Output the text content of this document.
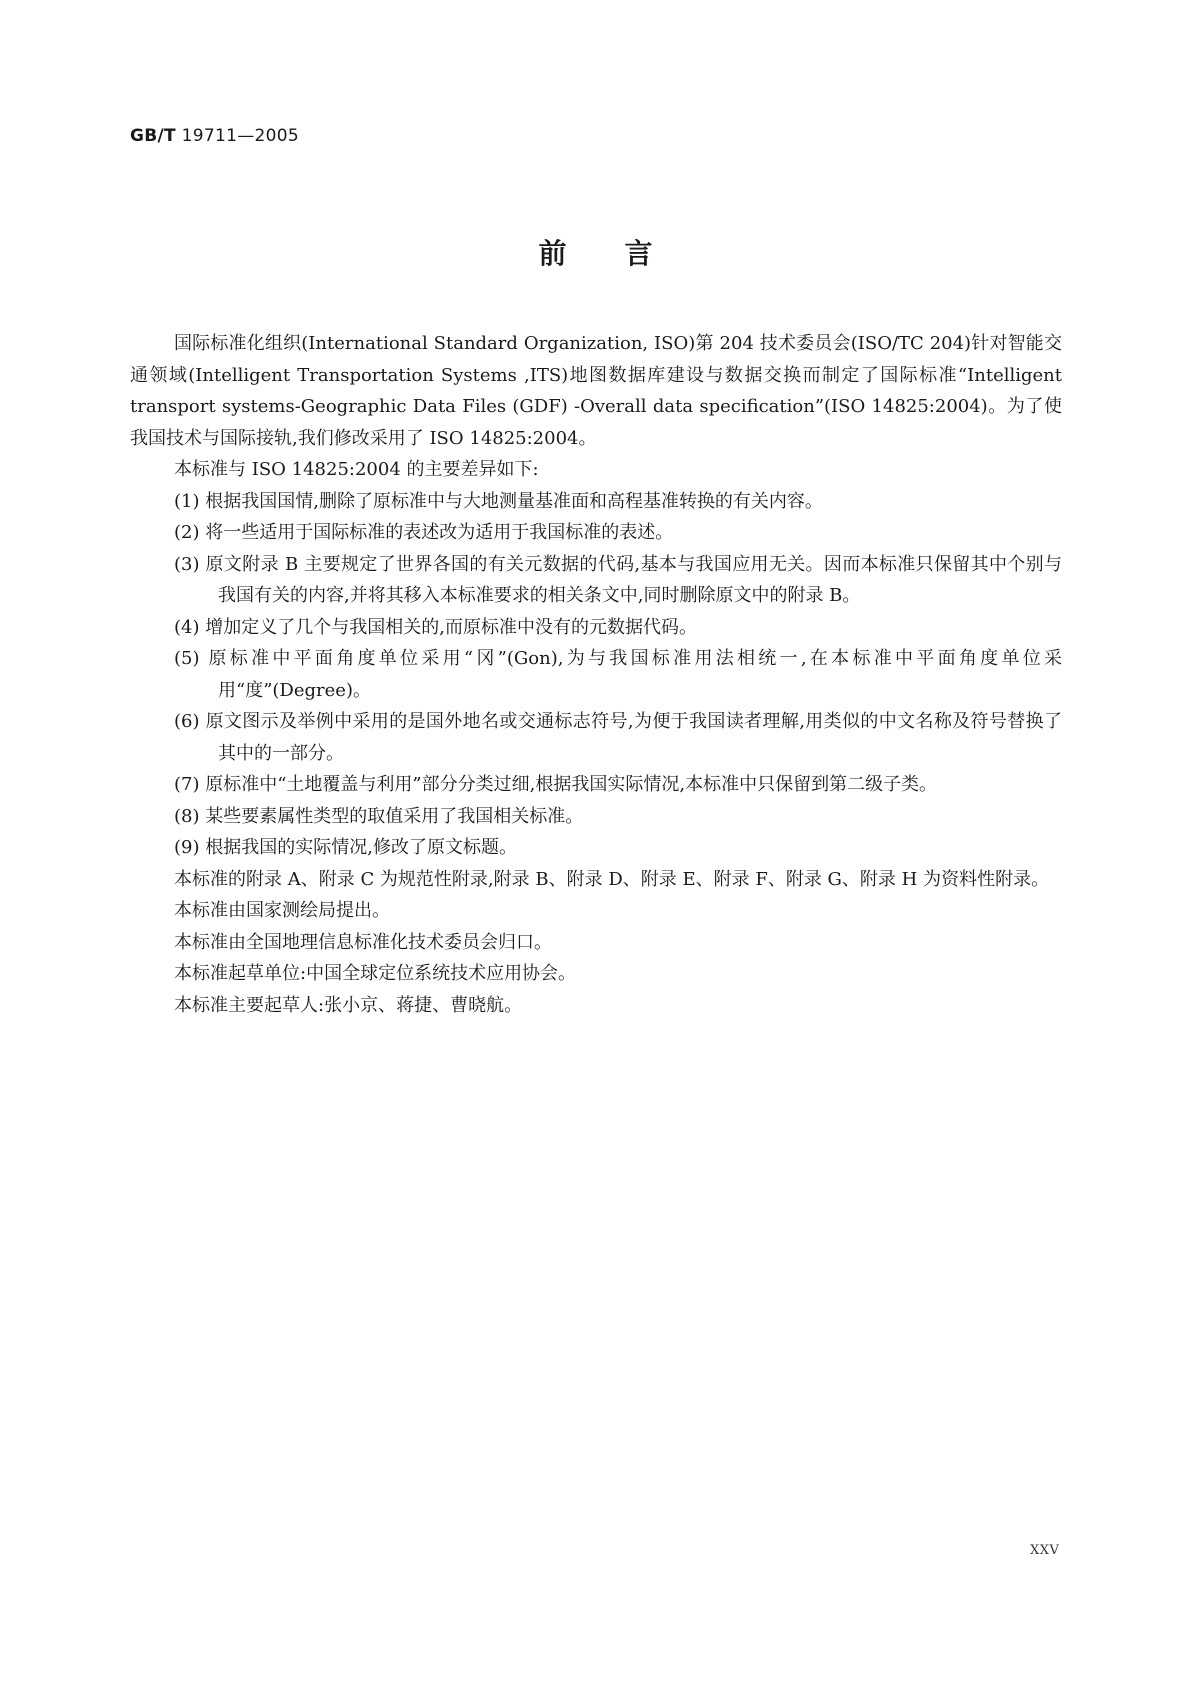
GB/T 19711—2005
前言

国际标准化组织(International Standard Organization, ISO)第 204 技术委员会(ISO/TC 204)针对智能交通领域(Intelligent Transportation Systems ,ITS)地图数据库建设与数据交换而制定了国际标准“Intelligent transport systems-Geographic Data Files (GDF) -Overall data specification”(ISO 14825:2004)。为了使我国技术与国际接轨,我们修改采用了 ISO 14825:2004。

本标准与 ISO 14825:2004 的主要差异如下:

(1) 根据我国国情,删除了原标准中与大地测量基准面和高程基准转换的有关内容。

(2) 将一些适用于国际标准的表述改为适用于我国标准的表述。

(3) 原文附录 B 主要规定了世界各国的有关元数据的代码,基本与我国应用无关。因而本标准只保留其中个别与我国有关的内容,并将其移入本标准要求的相关条文中,同时删除原文中的附录 B。

(4) 增加定义了几个与我国相关的,而原标准中没有的元数据代码。

(5) 原标准中平面角度单位采用“冈”(Gon),为与我国标准用法相统一,在本标准中平面角度单位采用“度”(Degree)。

(6) 原文图示及举例中采用的是国外地名或交通标志符号,为便于我国读者理解,用类似的中文名称及符号替换了其中的一部分。

(7) 原标准中“土地覆盖与利用”部分分类过细,根据我国实际情况,本标准中只保留到第二级子类。

(8) 某些要素属性类型的取值采用了我国相关标准。

(9) 根据我国的实际情况,修改了原文标题。

本标准的附录 A、附录 C 为规范性附录,附录 B、附录 D、附录 E、附录 F、附录 G、附录 H 为资料性附录。

本标准由国家测绘局提出。

本标准由全国地理信息标准化技术委员会归口。

本标准起草单位:中国全球定位系统技术应用协会。

本标准主要起草人:张小京、蒋捷、曹晓航。

XXV
